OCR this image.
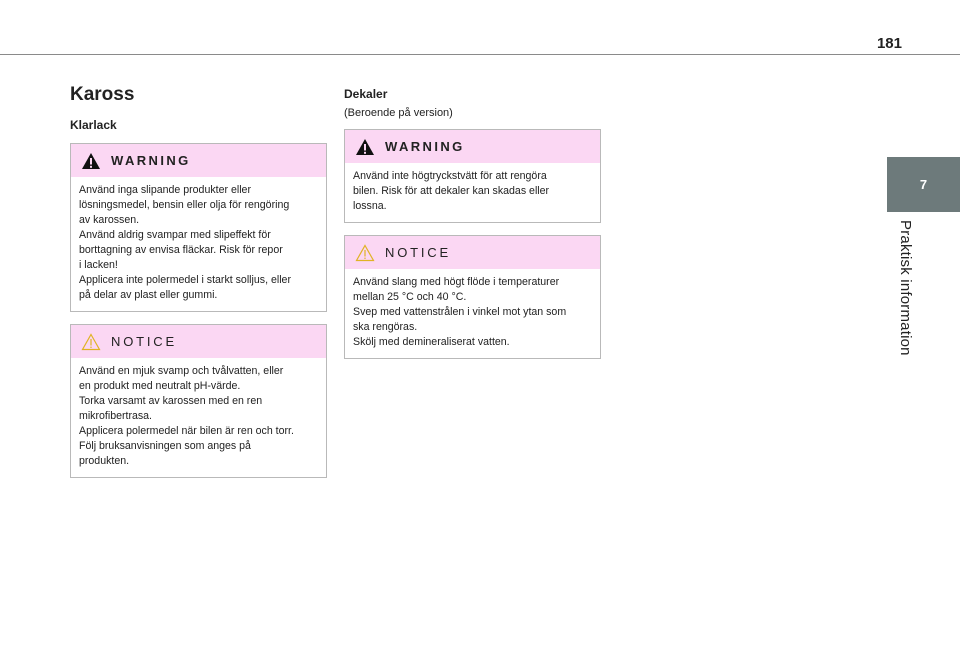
181
7
Praktisk information
Kaross
Klarlack
WARNING

Använd inga slipande produkter eller

lösningsmedel, bensin eller olja för rengöring

av karossen.

Använd aldrig svampar med slipeffekt för

borttagning av envisa fläckar. Risk för repor

i lacken!

Applicera inte polermedel i starkt solljus, eller

på delar av plast eller gummi.

NOTICE

Använd en mjuk svamp och tvålvatten, eller

en produkt med neutralt pH-värde.

Torka varsamt av karossen med en ren

mikrofibertrasa.

Applicera polermedel när bilen är ren och torr.

Följ bruksanvisningen som anges på

produkten.

Dekaler

(Beroende på version)

WARNING

Använd inte högtryckstvätt för att rengöra

bilen. Risk för att dekaler kan skadas eller

lossna.

NOTICE

Använd slang med högt flöde i temperaturer

mellan 25 °C och 40 °C.

Svep med vattenstrålen i vinkel mot ytan som

ska rengöras.

Skölj med demineraliserat vatten.
